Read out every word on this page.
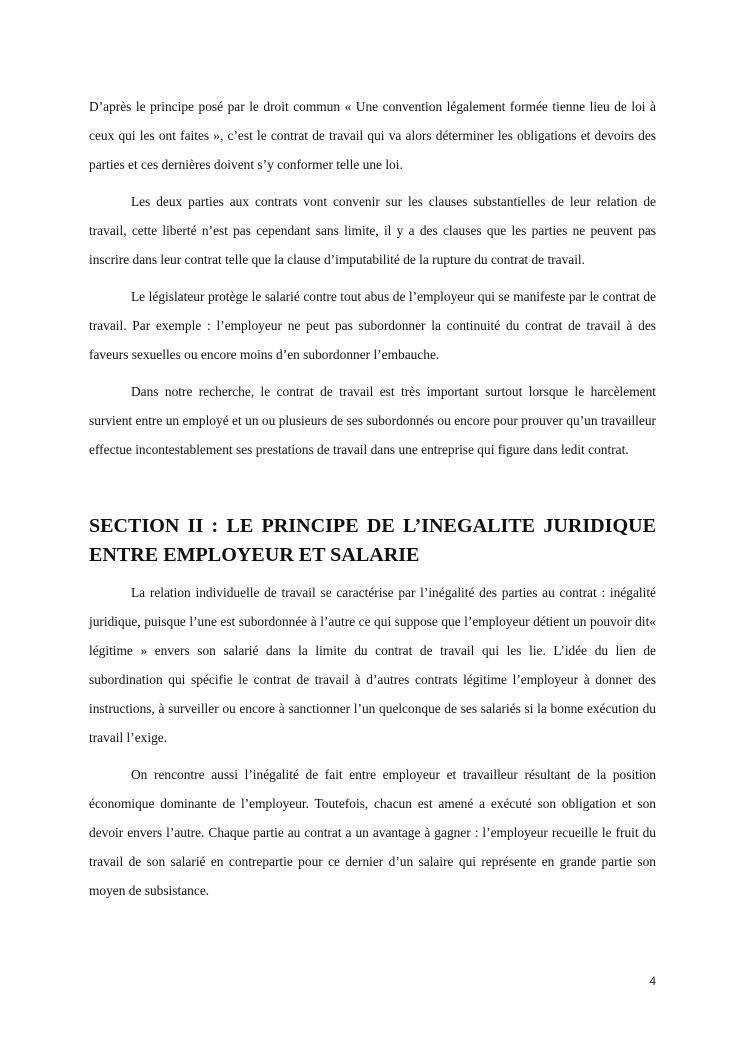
D’après le principe posé par le droit commun « Une convention légalement formée tienne lieu de loi à ceux qui les ont faites », c’est le contrat de travail qui va alors déterminer les obligations et devoirs des parties et ces dernières doivent s’y conformer telle une loi.

Les deux parties aux contrats vont convenir sur les clauses substantielles de leur relation de travail, cette liberté n’est pas cependant sans limite, il y a des clauses que les parties ne peuvent pas inscrire dans leur contrat telle que la clause d’imputabilité de la rupture du contrat de travail.

Le législateur protège le salarié contre tout abus de l’employeur qui se manifeste par le contrat de travail. Par exemple : l’employeur ne peut pas subordonner la continuité du contrat de travail à des faveurs sexuelles ou encore moins d’en subordonner l’embauche.

Dans notre recherche, le contrat de travail est très important surtout lorsque le harcèlement survient entre un employé et un ou plusieurs de ses subordonnés ou encore pour prouver qu’un travailleur effectue incontestablement ses prestations de travail dans une entreprise qui figure dans ledit contrat.

SECTION II : LE PRINCIPE DE L’INEGALITE JURIDIQUE ENTRE EMPLOYEUR ET SALARIE

La relation individuelle de travail se caractérise par l’inégalité des parties au contrat : inégalité juridique, puisque l’une est subordonnée à l’autre ce qui suppose que l’employeur détient un pouvoir dit« légitime » envers son salarié dans la limite du contrat de travail qui les lie. L’idée du lien de subordination qui spécifie le contrat de travail à d’autres contrats légitime l’employeur à donner des instructions, à surveiller ou encore à sanctionner l’un quelconque de ses salariés si la bonne exécution du travail l’exige.

On rencontre aussi l’inégalité de fait entre employeur et travailleur résultant de la position économique dominante de l’employeur. Toutefois, chacun est amené a exécuté son obligation et son devoir envers l’autre. Chaque partie au contrat a un avantage à gagner : l’employeur recueille le fruit du travail de son salarié en contrepartie pour ce dernier d’un salaire qui représente en grande partie son moyen de subsistance.

4
